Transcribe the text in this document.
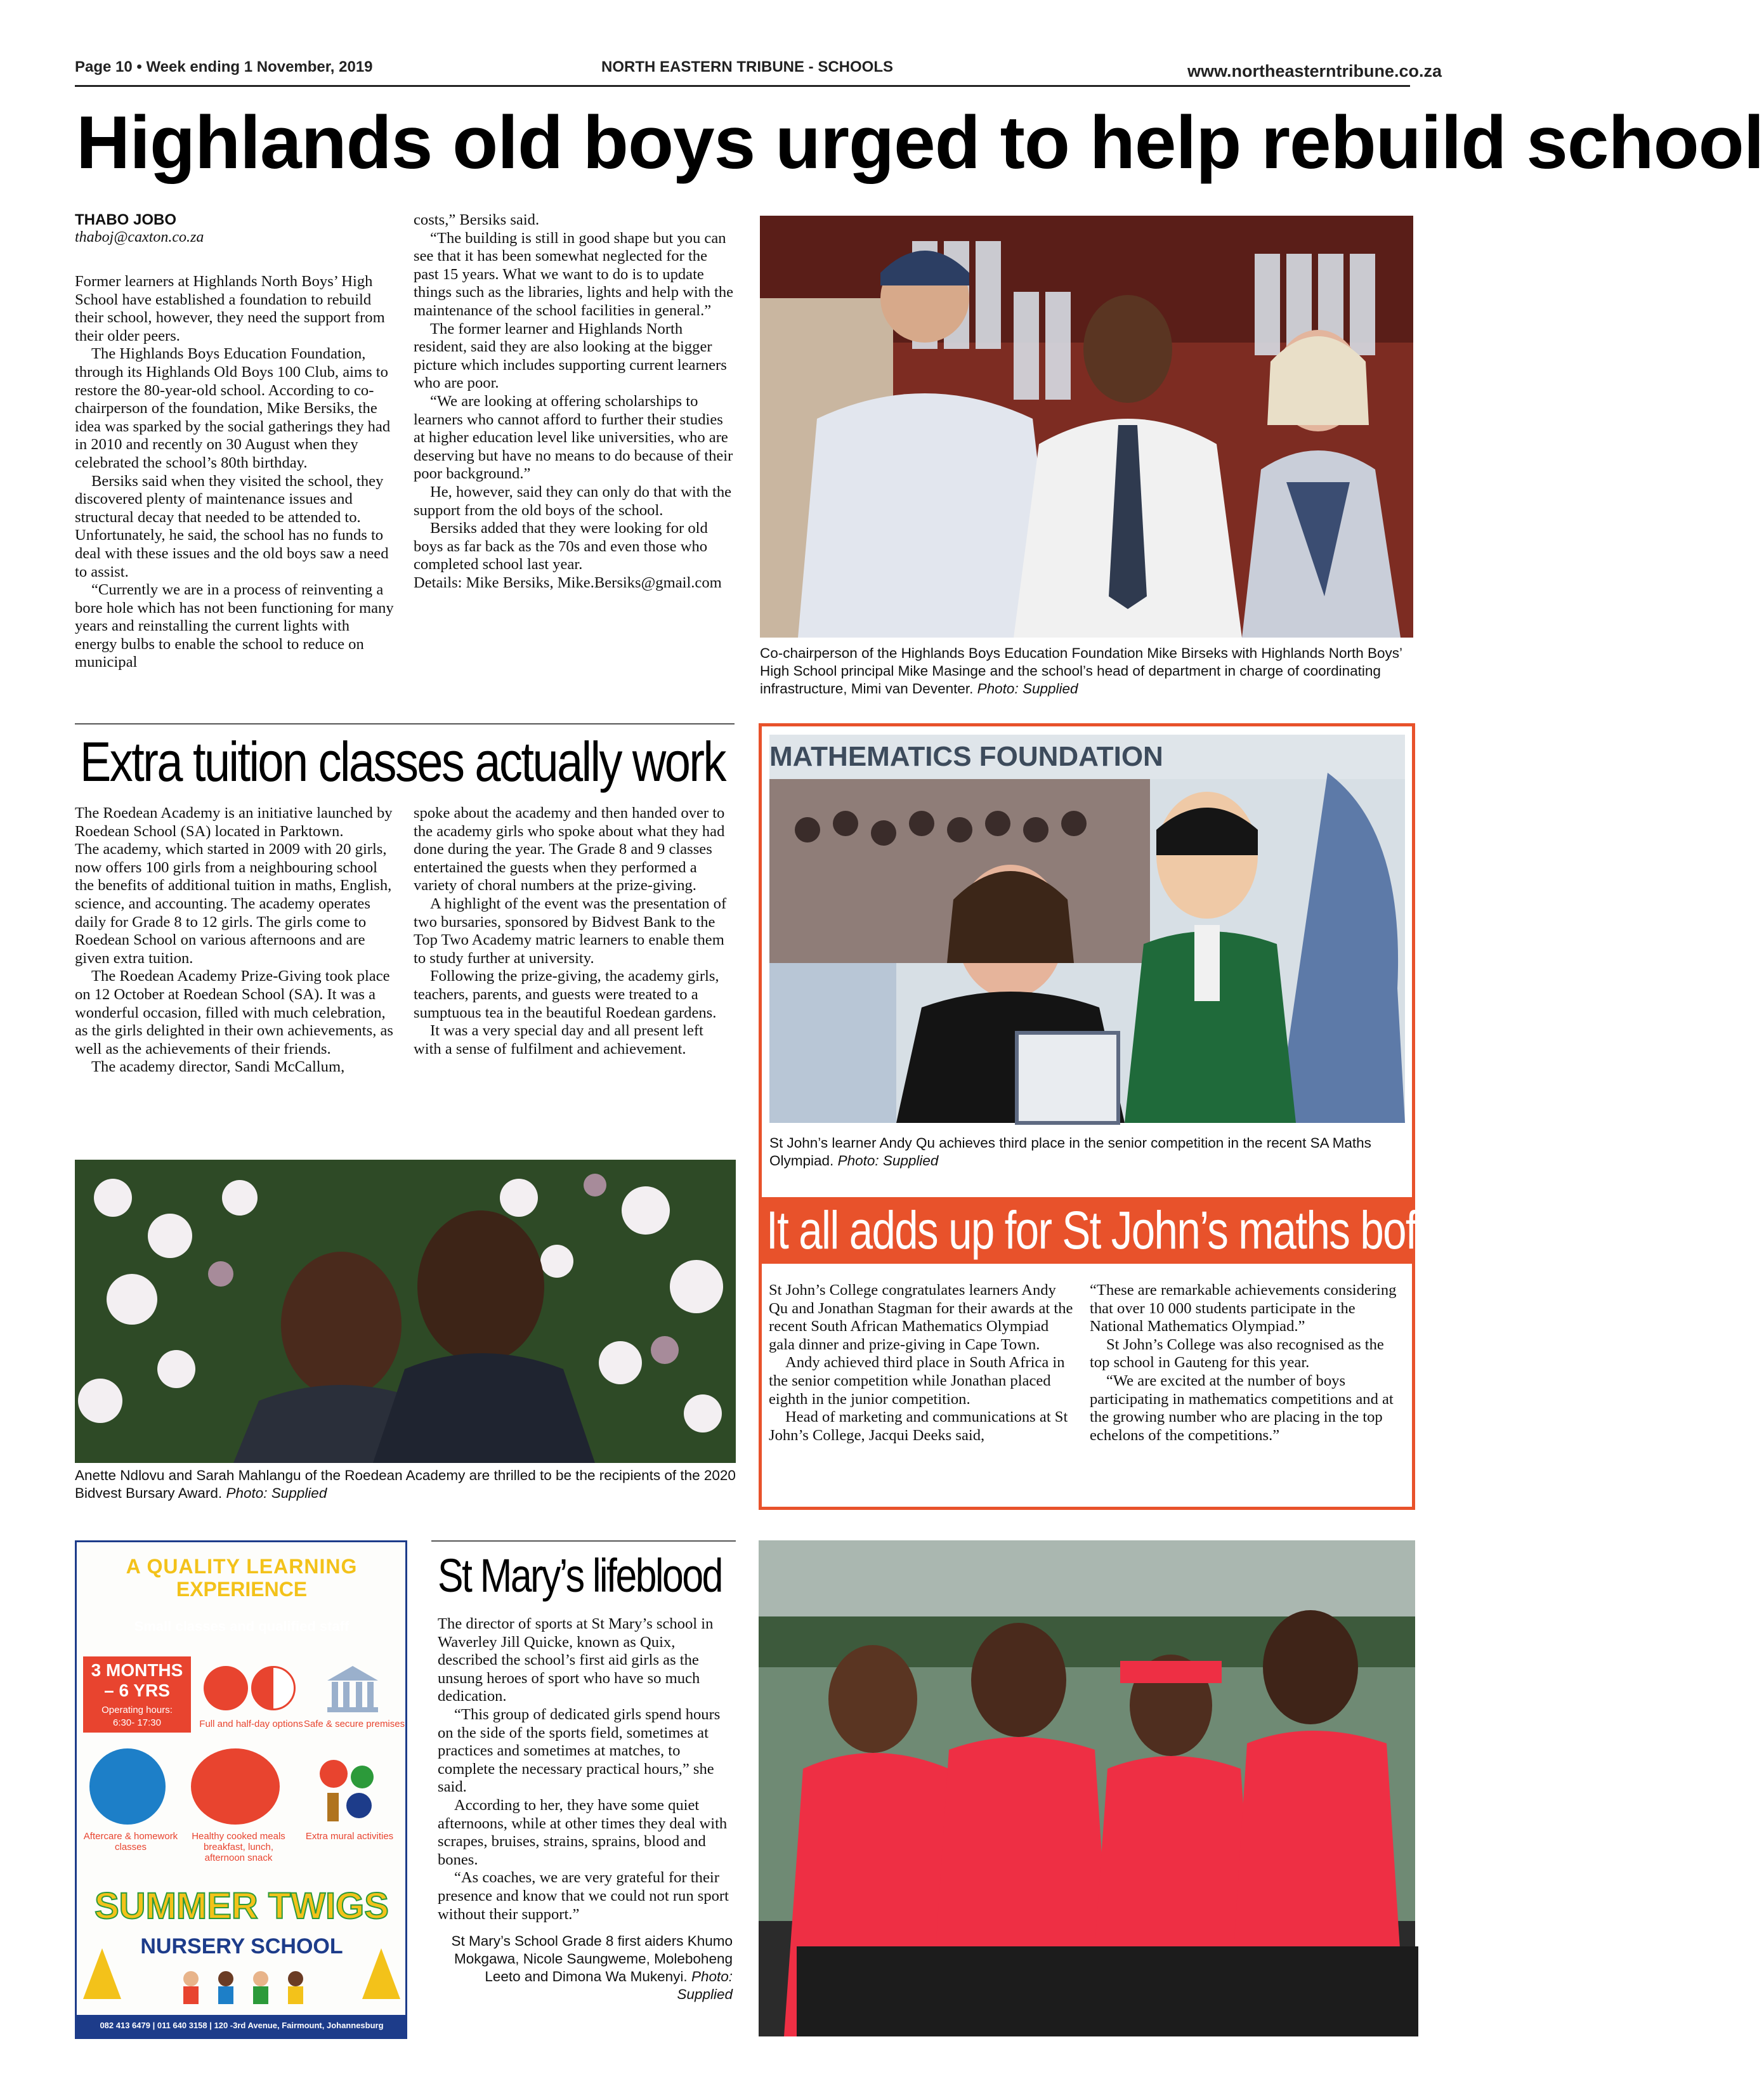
Page 10 • Week ending 1 November, 2019	NORTH EASTERN TRIBUNE - SCHOOLS	www.northeasterntribune.co.za
Highlands old boys urged to help rebuild school
THABO JOBO
thaboj@caxton.co.za

Former learners at Highlands North Boys’ High School have established a foundation to rebuild their school, however, they need the support from their older peers.

The Highlands Boys Education Foundation, through its Highlands Old Boys 100 Club, aims to restore the 80-year-old school. According to co-chairperson of the foundation, Mike Bersiks, the idea was sparked by the social gatherings they had in 2010 and recently on 30 August when they celebrated the school’s 80th birthday.

Bersiks said when they visited the school, they discovered plenty of maintenance issues and structural decay that needed to be attended to. Unfortunately, he said, the school has no funds to deal with these issues and the old boys saw a need to assist.

“Currently we are in a process of reinventing a bore hole which has not been functioning for many years and reinstalling the current lights with energy bulbs to enable the school to reduce on municipal

costs,” Bersiks said.

“The building is still in good shape but you can see that it has been somewhat neglected for the past 15 years. What we want to do is to update things such as the libraries, lights and help with the maintenance of the school facilities in general.”

The former learner and Highlands North resident, said they are also looking at the bigger picture which includes supporting current learners who are poor.

“We are looking at offering scholarships to learners who cannot afford to further their studies at higher education level like universities, who are deserving but have no means to do because of their poor background.”

He, however, said they can only do that with the support from the old boys of the school.

Bersiks added that they were looking for old boys as far back as the 70s and even those who completed school last year.

Details: Mike Bersiks, Mike.Bersiks@gmail.com

Co-chairperson of the Highlands Boys Education Foundation Mike Birseks with Highlands North Boys’ High School principal Mike Masinge and the school’s head of department in charge of coordinating infrastructure, Mimi van Deventer. Photo: Supplied
Extra tuition classes actually work

The Roedean Academy is an initiative launched by Roedean School (SA) located in Parktown.

The academy, which started in 2009 with 20 girls, now offers 100 girls from a neighbouring school the benefits of additional tuition in maths, English, science, and accounting. The academy operates daily for Grade 8 to 12 girls. The girls come to Roedean School on various afternoons and are given extra tuition.

The Roedean Academy Prize-Giving took place on 12 October at Roedean School (SA). It was a wonderful occasion, filled with much celebration, as the girls delighted in their own achievements, as well as the achievements of their friends.

The academy director, Sandi McCallum,

spoke about the academy and then handed over to the academy girls who spoke about what they had done during the year. The Grade 8 and 9 classes entertained the guests when they performed a variety of choral numbers at the prize-giving.

A highlight of the event was the presentation of two bursaries, sponsored by Bidvest Bank to the Top Two Academy matric learners to enable them to study further at university.

Following the prize-giving, the academy girls, teachers, parents, and guests were treated to a sumptuous tea in the beautiful Roedean gardens.

It was a very special day and all present left with a sense of fulfilment and achievement.

Anette Ndlovu and Sarah Mahlangu of the Roedean Academy are thrilled to be the recipients of the 2020 Bidvest Bursary Award. Photo: Supplied
MATHEMATICS FOUNDATION
St John’s learner Andy Qu achieves third place in the senior competition in the recent SA Maths Olympiad. Photo: Supplied
It all adds up for St John’s maths boffins

St John’s College congratulates learners Andy Qu and Jonathan Stagman for their awards at the recent South African Mathematics Olympiad gala dinner and prize-giving in Cape Town.

Andy achieved third place in South Africa in the senior competition while Jonathan placed eighth in the junior competition.

Head of marketing and communications at St John’s College, Jacqui Deeks said,

“These are remarkable achievements considering that over 10 000 students participate in the National Mathematics Olympiad.”

St John’s College was also recognised as the top school in Gauteng for this year.

“We are excited at the number of boys participating in mathematics competitions and at the growing number who are placing in the top echelons of the competitions.”

A QUALITY LEARNING
EXPERIENCE
Small classes and qualified staff
3 MONTHS
– 6 YRS
Operating hours:
6:30- 17:30	Full and half-day options Safe & secure premises
Aftercare & homework classes
Healthy cooked meals breakfast, lunch, afternoon snack
Extra mural activities
SUMMER TWIGS
NURSERY SCHOOL
082 413 6479 | 011 640 3158 | 120 -3rd Avenue, Fairmount, Johannesburg
St Mary’s lifeblood

The director of sports at St Mary’s school in Waverley Jill Quicke, known as Quix, described the school’s first aid girls as the unsung heroes of sport who have so much dedication.

“This group of dedicated girls spend hours on the side of the sports field, sometimes at practices and sometimes at matches, to complete the necessary practical hours,” she said.

According to her, they have some quiet afternoons, while at other times they deal with scrapes, bruises, strains, sprains, blood and bones.

“As coaches, we are very grateful for their presence and know that we could not run sport without their support.”

St Mary’s School Grade 8 first aiders Khumo Mokgawa, Nicole Saungweme, Moleboheng Leeto and Dimona Wa Mukenyi. Photo: Supplied
